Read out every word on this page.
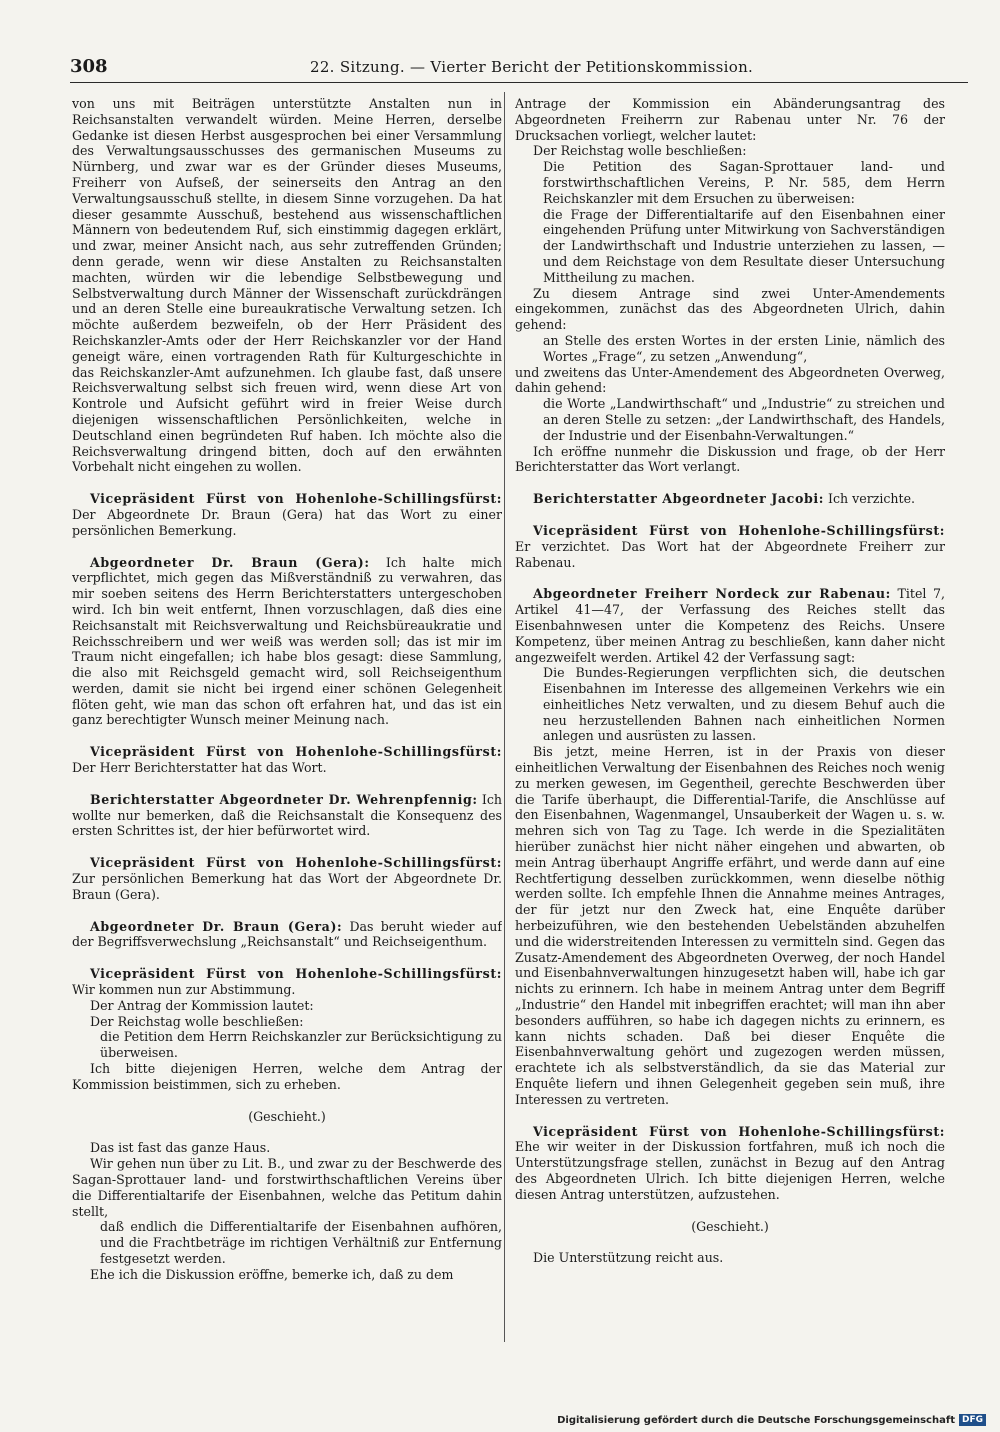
308	22. Sitzung. — Vierter Bericht der Petitionskommission.

von uns mit Beiträgen unterstützte Anstalten nun in Reichsanstalten verwandelt würden. Meine Herren, derselbe Gedanke ist diesen Herbst ausgesprochen bei einer Versammlung des Verwaltungsausschusses des germanischen Museums zu Nürnberg, und zwar war es der Gründer dieses Museums, Freiherr von Aufseß, der seinerseits den Antrag an den Verwaltungsausschuß stellte, in diesem Sinne vorzugehen. Da hat dieser gesammte Ausschuß, bestehend aus wissenschaftlichen Männern von bedeutendem Ruf, sich einstimmig dagegen erklärt, und zwar, meiner Ansicht nach, aus sehr zutreffenden Gründen; denn gerade, wenn wir diese Anstalten zu Reichsanstalten machten, würden wir die lebendige Selbstbewegung und Selbstverwaltung durch Männer der Wissenschaft zurückdrängen und an deren Stelle eine bureaukratische Verwaltung setzen. Ich möchte außerdem bezweifeln, ob der Herr Präsident des Reichskanzler-Amts oder der Herr Reichskanzler vor der Hand geneigt wäre, einen vortragenden Rath für Kulturgeschichte in das Reichskanzler-Amt aufzunehmen. Ich glaube fast, daß unsere Reichsverwaltung selbst sich freuen wird, wenn diese Art von Kontrole und Aufsicht geführt wird in freier Weise durch diejenigen wissenschaftlichen Persönlichkeiten, welche in Deutschland einen begründeten Ruf haben. Ich möchte also die Reichsverwaltung dringend bitten, doch auf den erwähnten Vorbehalt nicht eingehen zu wollen.

Vicepräsident Fürst von Hohenlohe-Schillingsfürst: Der Abgeordnete Dr. Braun (Gera) hat das Wort zu einer persönlichen Bemerkung.

Abgeordneter Dr. Braun (Gera): Ich halte mich verpflichtet, mich gegen das Mißverständniß zu verwahren, das mir soeben seitens des Herrn Berichterstatters untergeschoben wird. Ich bin weit entfernt, Ihnen vorzuschlagen, daß dies eine Reichsanstalt mit Reichsverwaltung und Reichsbüreaukratie und Reichsschreibern und wer weiß was werden soll; das ist mir im Traum nicht eingefallen; ich habe blos gesagt: diese Sammlung, die also mit Reichsgeld gemacht wird, soll Reichseigenthum werden, damit sie nicht bei irgend einer schönen Gelegenheit flöten geht, wie man das schon oft erfahren hat, und das ist ein ganz berechtigter Wunsch meiner Meinung nach.

Vicepräsident Fürst von Hohenlohe-Schillingsfürst: Der Herr Berichterstatter hat das Wort.

Berichterstatter Abgeordneter Dr. Wehrenpfennig: Ich wollte nur bemerken, daß die Reichsanstalt die Konsequenz des ersten Schrittes ist, der hier befürwortet wird.

Vicepräsident Fürst von Hohenlohe-Schillingsfürst: Zur persönlichen Bemerkung hat das Wort der Abgeordnete Dr. Braun (Gera).

Abgeordneter Dr. Braun (Gera): Das beruht wieder auf der Begriffsverwechslung „Reichsanstalt“ und Reichseigenthum.

Vicepräsident Fürst von Hohenlohe-Schillingsfürst: Wir kommen nun zur Abstimmung.

Der Antrag der Kommission lautet:

Der Reichstag wolle beschließen:

die Petition dem Herrn Reichskanzler zur Berücksichtigung zu überweisen.

Ich bitte diejenigen Herren, welche dem Antrag der Kommission beistimmen, sich zu erheben.

(Geschieht.)

Das ist fast das ganze Haus.

Wir gehen nun über zu Lit. B., und zwar zu der Beschwerde des Sagan-Sprottauer land- und forstwirthschaftlichen Vereins über die Differentialtarife der Eisenbahnen, welche das Petitum dahin stellt,

daß endlich die Differentialtarife der Eisenbahnen aufhören, und die Frachtbeträge im richtigen Verhältniß zur Entfernung festgesetzt werden.

Ehe ich die Diskussion eröffne, bemerke ich, daß zu dem

Antrage der Kommission ein Abänderungsantrag des Abgeordneten Freiherrn zur Rabenau unter Nr. 76 der Drucksachen vorliegt, welcher lautet:

Der Reichstag wolle beschließen:

Die Petition des Sagan-Sprottauer land- und forstwirthschaftlichen Vereins, P. Nr. 585, dem Herrn Reichskanzler mit dem Ersuchen zu überweisen:

die Frage der Differentialtarife auf den Eisenbahnen einer eingehenden Prüfung unter Mitwirkung von Sachverständigen der Landwirthschaft und Industrie unterziehen zu lassen, — und dem Reichstage von dem Resultate dieser Untersuchung Mittheilung zu machen.

Zu diesem Antrage sind zwei Unter-Amendements eingekommen, zunächst das des Abgeordneten Ulrich, dahin gehend:

an Stelle des ersten Wortes in der ersten Linie, nämlich des Wortes „Frage“, zu setzen „Anwendung“,

und zweitens das Unter-Amendement des Abgeordneten Overweg, dahin gehend:

die Worte „Landwirthschaft“ und „Industrie“ zu streichen und an deren Stelle zu setzen: „der Landwirthschaft, des Handels, der Industrie und der Eisenbahn-Verwaltungen.“

Ich eröffne nunmehr die Diskussion und frage, ob der Herr Berichterstatter das Wort verlangt.

Berichterstatter Abgeordneter Jacobi: Ich verzichte.

Vicepräsident Fürst von Hohenlohe-Schillingsfürst: Er verzichtet. Das Wort hat der Abgeordnete Freiherr zur Rabenau.

Abgeordneter Freiherr Nordeck zur Rabenau: Titel 7, Artikel 41—47, der Verfassung des Reiches stellt das Eisenbahnwesen unter die Kompetenz des Reichs. Unsere Kompetenz, über meinen Antrag zu beschließen, kann daher nicht angezweifelt werden. Artikel 42 der Verfassung sagt:

Die Bundes-Regierungen verpflichten sich, die deutschen Eisenbahnen im Interesse des allgemeinen Verkehrs wie ein einheitliches Netz verwalten, und zu diesem Behuf auch die neu herzustellenden Bahnen nach einheitlichen Normen anlegen und ausrüsten zu lassen.

Bis jetzt, meine Herren, ist in der Praxis von dieser einheitlichen Verwaltung der Eisenbahnen des Reiches noch wenig zu merken gewesen, im Gegentheil, gerechte Beschwerden über die Tarife überhaupt, die Differential-Tarife, die Anschlüsse auf den Eisenbahnen, Wagenmangel, Unsauberkeit der Wagen u. s. w. mehren sich von Tag zu Tage. Ich werde in die Spezialitäten hierüber zunächst hier nicht näher eingehen und abwarten, ob mein Antrag überhaupt Angriffe erfährt, und werde dann auf eine Rechtfertigung desselben zurückkommen, wenn dieselbe nöthig werden sollte. Ich empfehle Ihnen die Annahme meines Antrages, der für jetzt nur den Zweck hat, eine Enquête darüber herbeizuführen, wie den bestehenden Uebelständen abzuhelfen und die widerstreitenden Interessen zu vermitteln sind. Gegen das Zusatz-Amendement des Abgeordneten Overweg, der noch Handel und Eisenbahnverwaltungen hinzugesetzt haben will, habe ich gar nichts zu erinnern. Ich habe in meinem Antrag unter dem Begriff „Industrie“ den Handel mit inbegriffen erachtet; will man ihn aber besonders aufführen, so habe ich dagegen nichts zu erinnern, es kann nichts schaden. Daß bei dieser Enquête die Eisenbahnverwaltung gehört und zugezogen werden müssen, erachtete ich als selbstverständlich, da sie das Material zur Enquête liefern und ihnen Gelegenheit gegeben sein muß, ihre Interessen zu vertreten.

Vicepräsident Fürst von Hohenlohe-Schillingsfürst: Ehe wir weiter in der Diskussion fortfahren, muß ich noch die Unterstützungsfrage stellen, zunächst in Bezug auf den Antrag des Abgeordneten Ulrich. Ich bitte diejenigen Herren, welche diesen Antrag unterstützen, aufzustehen.

(Geschieht.)

Die Unterstützung reicht aus.

Digitalisierung gefördert durch die Deutsche Forschungsgemeinschaft DFG
